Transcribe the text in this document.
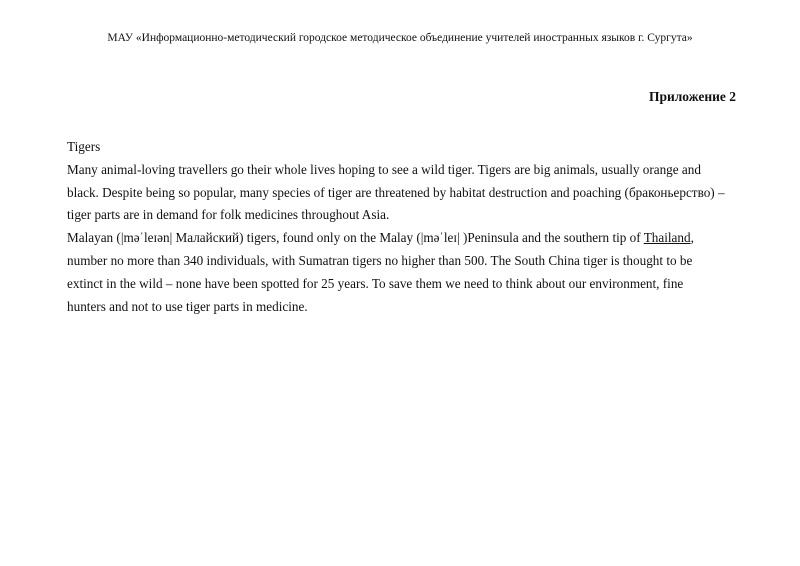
МАУ «Информационно-методический городское методическое объединение учителей иностранных языков г. Сургута»
Приложение 2
Tigers
Many animal-loving travellers go their whole lives hoping to see a wild tiger. Tigers are big animals, usually orange and
black. Despite being so popular, many species of tiger are threatened by habitat destruction and poaching (браконьерство) –
tiger parts are in demand for folk medicines throughout Asia.
Malayan (|məˈleɪən| Малайский) tigers, found only on the Malay (|məˈleɪ| )Peninsula and the southern tip of Thailand,
number no more than 340 individuals, with Sumatran tigers no higher than 500. The South China tiger is thought to be
extinct in the wild – none have been spotted for 25 years. To save them we need to think about our environment, fine
hunters and not to use tiger parts in medicine.
